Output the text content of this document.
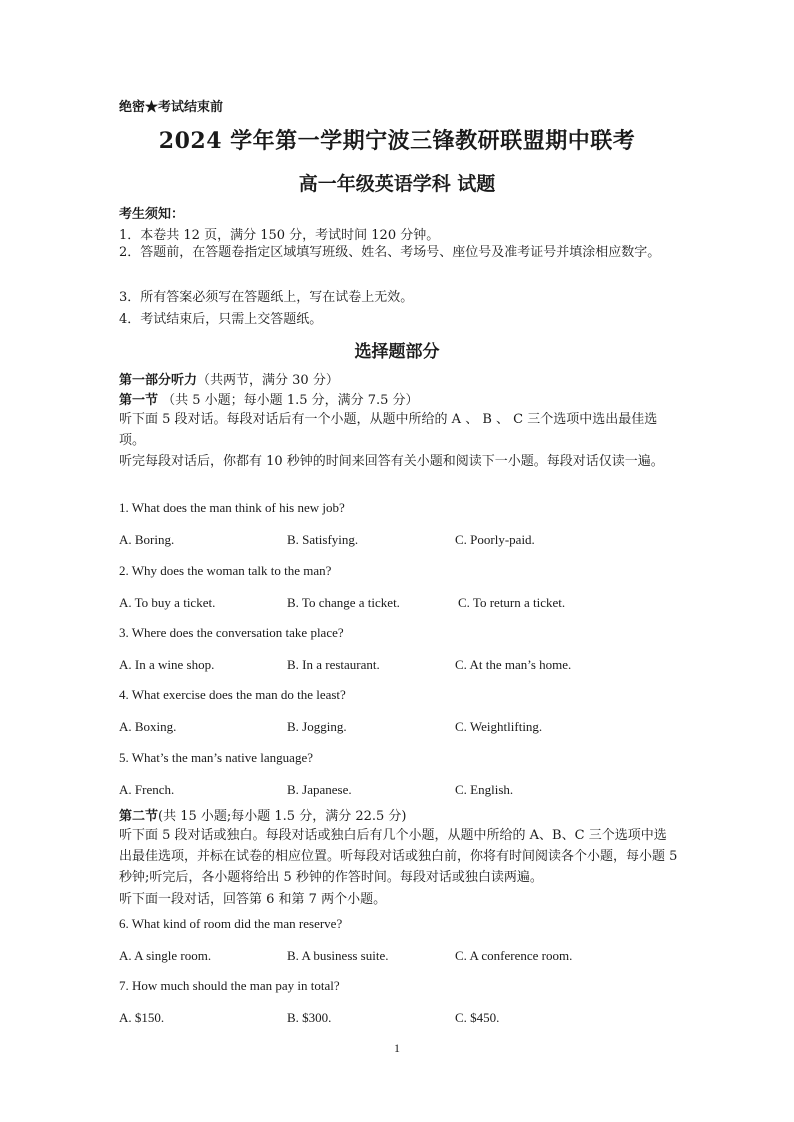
绝密★考试结束前
2024 学年第一学期宁波三锋教研联盟期中联考
高一年级英语学科 试题
考生须知：
1．本卷共 12 页，满分 150 分，考试时间 120 分钟。
2．答题前，在答题卷指定区域填写班级、姓名、考场号、座位号及准考证号并填涂相应数字。
3．所有答案必须写在答题纸上，写在试卷上无效。
4．考试结束后，只需上交答题纸。
选择题部分
第一部分听力（共两节，满分 30 分）
第一节 （共 5 小题；每小题 1.5 分，满分 7.5 分）
听下面 5 段对话。每段对话后有一个小题，从题中所给的 A 、 B 、 C 三个选项中选出最佳选项。
听完每段对话后，你都有 10 秒钟的时间来回答有关小题和阅读下一小题。每段对话仅读一遍。
1. What does the man think of his new job?
A. Boring.	B. Satisfying.	C. Poorly-paid.
2. Why does the woman talk to the man?
A. To buy a ticket.	B. To change a ticket.	C. To return a ticket.
3. Where does the conversation take place?
A. In a wine shop.	B. In a restaurant.	C. At the man’s home.
4. What exercise does the man do the least?
A. Boxing.	B. Jogging.	C. Weightlifting.
5. What’s the man’s native language?
A. French.	B. Japanese.	C. English.
第二节(共 15 小题;每小题 1.5 分，满分 22.5 分)
听下面 5 段对话或独白。每段对话或独白后有几个小题，从题中所给的 A、B、C 三个选项中选出最佳选项，并标在试卷的相应位置。听每段对话或独白前，你将有时间阅读各个小题，每小题 5 秒钟;听完后，各小题将给出 5 秒钟的作答时间。每段对话或独白读两遍。
听下面一段对话，回答第 6 和第 7 两个小题。
6. What kind of room did the man reserve?
A. A single room.	B. A business suite.	C. A conference room.
7. How much should the man pay in total?
A. $150.	B. $300.	C. $450.
1
